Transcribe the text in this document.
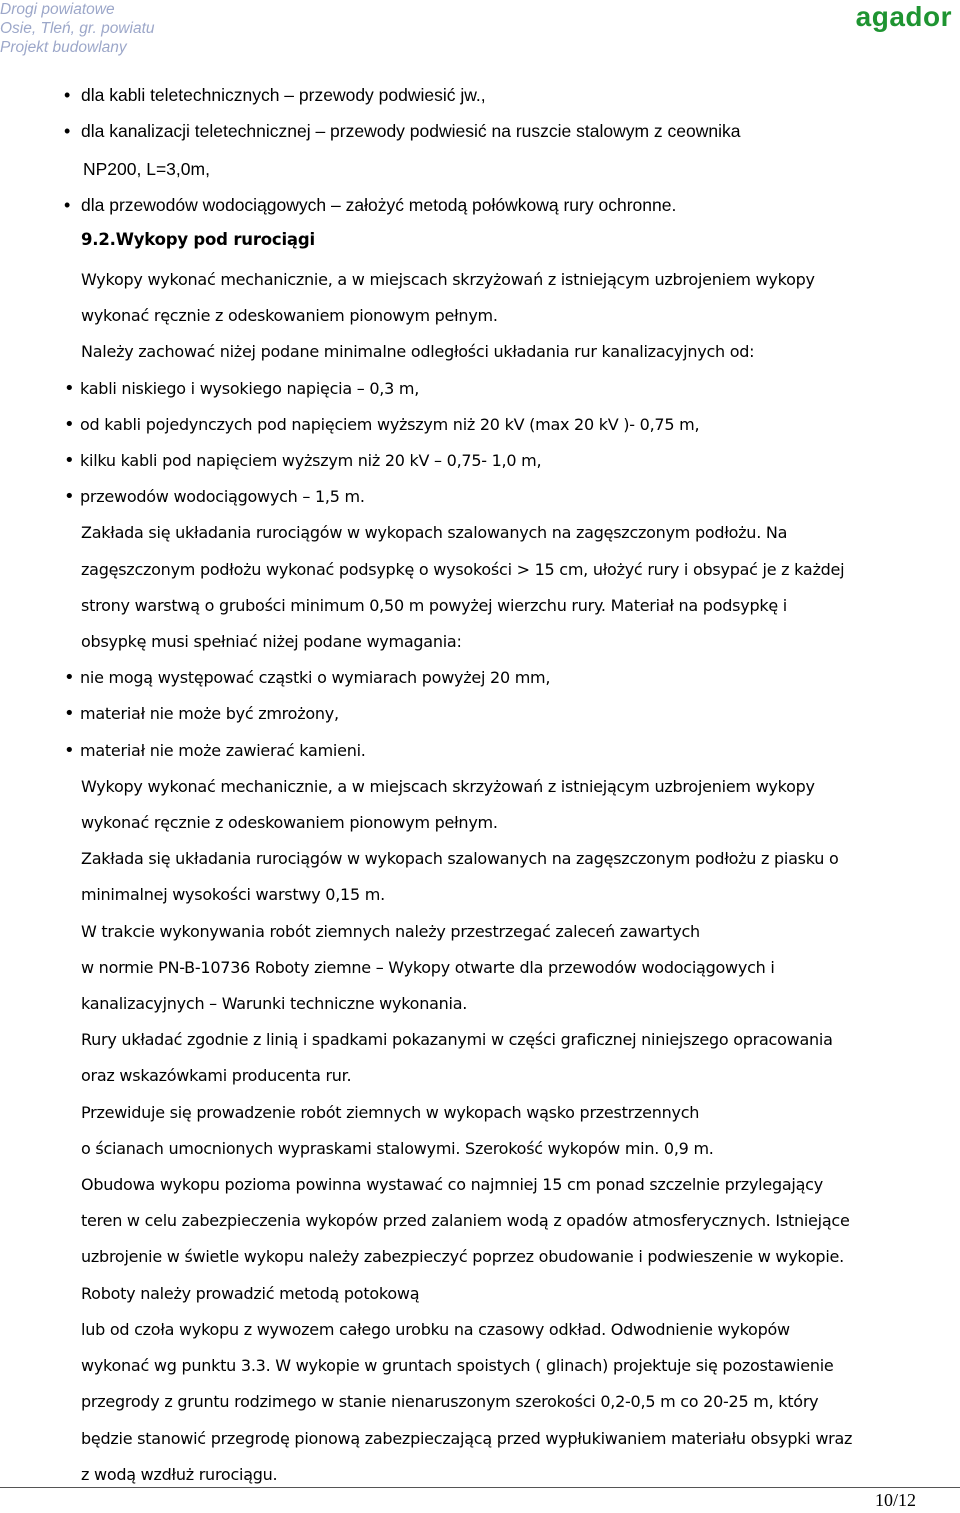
Drogi powiatowe
Osie, Tleń, gr. powiatu
Projekt budowlany
agador
• dla kabli teletechnicznych – przewody podwiesić jw.,
• dla kanalizacji teletechnicznej – przewody podwiesić na ruszcie stalowym z ceownika
NP200, L=3,0m,
• dla przewodów wodociągowych – założyć metodą połówkową rury ochronne.
9.2.Wykopy pod rurociągi
Wykopy wykonać mechanicznie, a w miejscach skrzyżowań z istniejącym uzbrojeniem wykopy
wykonać ręcznie z odeskowaniem pionowym pełnym.
Należy zachować niżej podane minimalne odległości układania rur kanalizacyjnych od:
• kabli niskiego i wysokiego napięcia – 0,3 m,
• od kabli pojedynczych pod napięciem wyższym niż 20 kV (max 20 kV )- 0,75 m,
• kilku kabli pod napięciem wyższym niż 20 kV – 0,75- 1,0 m,
• przewodów wodociągowych – 1,5 m.
Zakłada się układania rurociągów w wykopach szalowanych na zagęszczonym podłożu. Na
zagęszczonym podłożu wykonać podsypkę o wysokości > 15 cm, ułożyć rury i obsypać je z każdej
strony warstwą o grubości minimum 0,50 m powyżej wierzchu rury. Materiał na podsypkę i
obsypkę musi spełniać niżej podane wymagania:
• nie mogą występować cząstki o wymiarach powyżej 20 mm,
• materiał nie może być zmrożony,
• materiał nie może zawierać kamieni.
Wykopy wykonać mechanicznie, a w miejscach skrzyżowań z istniejącym uzbrojeniem wykopy
wykonać ręcznie z odeskowaniem pionowym pełnym.
Zakłada się układania rurociągów w wykopach szalowanych na zagęszczonym podłożu z piasku o
minimalnej wysokości warstwy 0,15 m.
W trakcie wykonywania robót ziemnych należy przestrzegać zaleceń zawartych
w normie PN-B-10736 Roboty ziemne – Wykopy otwarte dla przewodów wodociągowych i
kanalizacyjnych – Warunki techniczne wykonania.
Rury układać zgodnie z linią i spadkami pokazanymi w części graficznej niniejszego opracowania
oraz wskazówkami producenta rur.
Przewiduje się prowadzenie robót ziemnych w wykopach wąsko przestrzennych
o ścianach umocnionych wypraskami stalowymi. Szerokość wykopów min. 0,9 m.
Obudowa wykopu pozioma powinna wystawać co najmniej 15 cm ponad szczelnie przylegający
teren w celu zabezpieczenia wykopów przed zalaniem wodą z opadów atmosferycznych. Istniejące
uzbrojenie w świetle wykopu należy zabezpieczyć poprzez obudowanie i podwieszenie w wykopie.
Roboty należy prowadzić metodą potokową
lub od czoła wykopu z wywozem całego urobku na czasowy odkład. Odwodnienie wykopów
wykonać wg punktu 3.3. W wykopie w gruntach spoistych ( glinach) projektuje się pozostawienie
przegrody z gruntu rodzimego w stanie nienaruszonym szerokości 0,2-0,5 m co 20-25 m, który
będzie stanowić przegrodę pionową zabezpieczającą przed wypłukiwaniem materiału obsypki wraz
z wodą wzdłuż rurociągu.
10/12
